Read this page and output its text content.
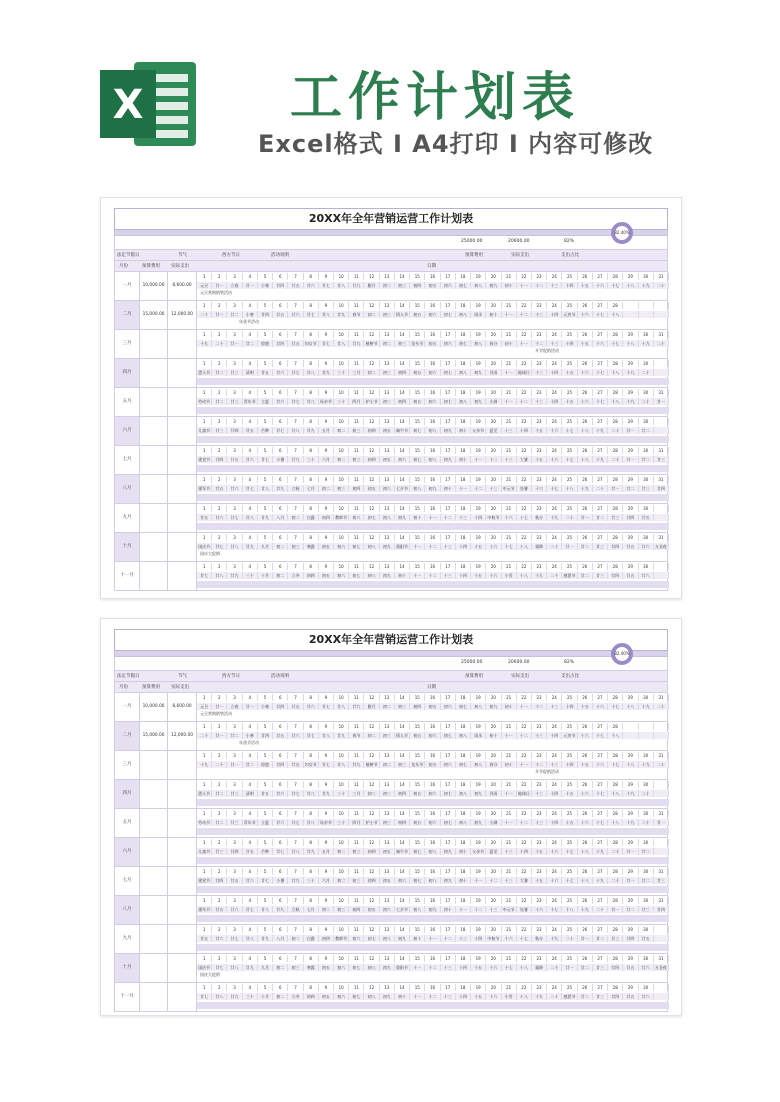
X	工作计划表
Excel格式 I A4打印 I 内容可修改
20XX年全年营销运营工作计划表
25000.00	20600.00	82%
法定节假日	节气	西方节日	活动说明	预算费用	实际支出	支出占比
82.40%
月份	预算费用 实际支出	日期
一月	10,000.00	8,600.00
1	2	3	4	5	6	7	8	9	10	11	12	13	14	15	16	17	18	19	20	21	22	23	24	25	26	27	28	29	30	31
元旦	廿一	立春	廿一	小寒	廿四	廿五	廿六	廿七	廿八	廿九	腊月	初二	初三	初四	初五	初六	初七	初八	初九	初十	十一	十二	十三	十四	十五	十六	十七	十八	十九	二十
元旦营购销售活动
二月	15,000.00	12,000.00
1	2	3	4	5	6	7	8	9	10	11	12	13	14	15	16	17	18	19	20	21	22	23	24	25	26	27	28
二十	廿一	廿二	小寒	廿四	廿五	廿六	廿七	廿八	廿九	春节	初二	初三	情人节	初五	初六	初七	初八	雨水	初十	十一	十二	十三	十四	元宵节	十六	十七	十八
年货节活动
三月
1	2	3	4	5	6	7	8	9	10	11	12	13	14	15	16	17	18	19	20	21	22	23	24	25	26	27	28	29	30	31
十九	二十	廿一	廿二	惊蛰	廿四	廿五	妇女节	廿七	廿八	廿九	植树节	初二	初三	龙头节	初五	初六	初七	初八	春分	初十	十一	十二	十三	十四	十五	十六	十七	十八	十九	二十
开学促销活动
四月
1	2	3	4	5	6	7	8	9	10	11	12	13	14	15	16	17	18	19	20	21	22	23	24	25	26	27	28	29	30
愚人节	廿二	廿三	清明	廿五	廿六	廿七	廿八	廿九	三十	三月	初二	初三	初四	初五	初六	初七	初八	初九	谷雨	十一	地球日	十三	十四	十五	十六	十七	十八	十九	二十
五月
1	2	3	4	5	6	7	8	9	10	11	12	13	14	15	16	17	18	19	20	21	22	23	24	25	26	27	28	29	30	31
劳动节	廿二	廿三	青年节	立夏	廿六	廿七	廿八	母亲节	三十	四月	护士节	初三	初四	初五	初六	初七	初八	初九	小满	十一	十二	十三	十四	十五	十六	十七	十八	十九	二十	廿一
六月
1	2	3	4	5	6	7	8	9	10	11	12	13	14	15	16	17	18	19	20	21	22	23	24	25	26	27	28	29	30
儿童节	廿三	廿四	廿五	芒种	廿七	廿八	廿九	五月	初二	初三	初四	初五	端午节	初七	初八	初九	初十	父亲节	夏至	十三	十四	十五	十六	十七	十八	十九	二十	廿一	廿二
七月
1	2	3	4	5	6	7	8	9	10	11	12	13	14	15	16	17	18	19	20	21	22	23	24	25	26	27	28	29	30	31
建党节	廿四	廿五	廿六	廿七	小暑	廿九	三十	六月	初二	初三	初四	初五	初六	初七	初八	初九	初十	十一	十二	十三	大暑	十五	十六	十七	十八	十九	二十	廿一	廿二	廿三
八月
1	2	3	4	5	6	7	8	9	10	11	12	13	14	15	16	17	18	19	20	21	22	23	24	25	26	27	28	29	30	31
建军节	廿五	廿六	廿七	廿八	廿九	立秋	七月	初二	初三	初四	初五	初六	七夕节	初八	初九	初十	十一	十二	十三	中元节	处暑	十六	十七	十八	十九	二十	廿一	廿二	廿三	廿四
九月
1	2	3	4	5	6	7	8	9	10	11	12	13	14	15	16	17	18	19	20	21	22	23	24	25	26	27	28	29	30
廿五	廿六	廿七	廿八	廿九	八月	初二	白露	初四	教师节	初六	初七	初八	初九	初十	十一	十二	十三	十四	中秋节	十六	十七	秋分	十九	二十	廿一	廿二	廿三	廿四	廿五
十月
1	2	3	4	5	6	7	8	9	10	11	12	13	14	15	16	17	18	19	20	21	22	23	24	25	26	27	28	29	30	31
国庆节	廿七	廿八	廿九	九月	初二	初三	寒露	初五	初六	初七	初八	初九	重阳节	十一	十二	十三	十四	十五	十六	十七	十八	霜降	二十	廿一	廿二	廿三	廿四	廿五	廿六	万圣夜
国庆大促销
十一月
1	2	3	4	5	6	7	8	9	10	11	12	13	14	15	16	17	18	19	20	21	22	23	24	25	26	27	28	29	30
廿七	廿八	廿九	三十	十月	初二	立冬	初四	初五	初六	初七	初八	初九	初十	十一	十二	十三	十四	十五	十六	小雪	十八	十九	二十	感恩节	廿二	廿三	廿四	廿五	廿六
20XX年全年营销运营工作计划表
25000.00	20600.00	82%
法定节假日	节气	西方节日	活动说明	预算费用	实际支出	支出占比
82.40%
月份	预算费用 实际支出	日期
一月	10,000.00	8,600.00
1	2	3	4	5	6	7	8	9	10	11	12	13	14	15	16	17	18	19	20	21	22	23	24	25	26	27	28	29	30	31
元旦	廿一	立春	廿一	小寒	廿四	廿五	廿六	廿七	廿八	廿九	腊月	初二	初三	初四	初五	初六	初七	初八	初九	初十	十一	十二	十三	十四	十五	十六	十七	十八	十九	二十
元旦营购销售活动
二月	15,000.00	12,000.00
1	2	3	4	5	6	7	8	9	10	11	12	13	14	15	16	17	18	19	20	21	22	23	24	25	26	27	28
二十	廿一	廿二	小寒	廿四	廿五	廿六	廿七	廿八	廿九	春节	初二	初三	情人节	初五	初六	初七	初八	雨水	初十	十一	十二	十三	十四	元宵节	十六	十七	十八
年货节活动
三月
1	2	3	4	5	6	7	8	9	10	11	12	13	14	15	16	17	18	19	20	21	22	23	24	25	26	27	28	29	30	31
十九	二十	廿一	廿二	惊蛰	廿四	廿五	妇女节	廿七	廿八	廿九	植树节	初二	初三	龙头节	初五	初六	初七	初八	春分	初十	十一	十二	十三	十四	十五	十六	十七	十八	十九	二十
开学促销活动
四月
1	2	3	4	5	6	7	8	9	10	11	12	13	14	15	16	17	18	19	20	21	22	23	24	25	26	27	28	29	30
愚人节	廿二	廿三	清明	廿五	廿六	廿七	廿八	廿九	三十	三月	初二	初三	初四	初五	初六	初七	初八	初九	谷雨	十一	地球日	十三	十四	十五	十六	十七	十八	十九	二十
五月
1	2	3	4	5	6	7	8	9	10	11	12	13	14	15	16	17	18	19	20	21	22	23	24	25	26	27	28	29	30	31
劳动节	廿二	廿三	青年节	立夏	廿六	廿七	廿八	母亲节	三十	四月	护士节	初三	初四	初五	初六	初七	初八	初九	小满	十一	十二	十三	十四	十五	十六	十七	十八	十九	二十	廿一
六月
1	2	3	4	5	6	7	8	9	10	11	12	13	14	15	16	17	18	19	20	21	22	23	24	25	26	27	28	29	30
儿童节	廿三	廿四	廿五	芒种	廿七	廿八	廿九	五月	初二	初三	初四	初五	端午节	初七	初八	初九	初十	父亲节	夏至	十三	十四	十五	十六	十七	十八	十九	二十	廿一	廿二
七月
1	2	3	4	5	6	7	8	9	10	11	12	13	14	15	16	17	18	19	20	21	22	23	24	25	26	27	28	29	30	31
建党节	廿四	廿五	廿六	廿七	小暑	廿九	三十	六月	初二	初三	初四	初五	初六	初七	初八	初九	初十	十一	十二	十三	大暑	十五	十六	十七	十八	十九	二十	廿一	廿二	廿三
八月
1	2	3	4	5	6	7	8	9	10	11	12	13	14	15	16	17	18	19	20	21	22	23	24	25	26	27	28	29	30	31
建军节	廿五	廿六	廿七	廿八	廿九	立秋	七月	初二	初三	初四	初五	初六	七夕节	初八	初九	初十	十一	十二	十三	中元节	处暑	十六	十七	十八	十九	二十	廿一	廿二	廿三	廿四
九月
1	2	3	4	5	6	7	8	9	10	11	12	13	14	15	16	17	18	19	20	21	22	23	24	25	26	27	28	29	30
廿五	廿六	廿七	廿八	廿九	八月	初二	白露	初四	教师节	初六	初七	初八	初九	初十	十一	十二	十三	十四	中秋节	十六	十七	秋分	十九	二十	廿一	廿二	廿三	廿四	廿五
十月
1	2	3	4	5	6	7	8	9	10	11	12	13	14	15	16	17	18	19	20	21	22	23	24	25	26	27	28	29	30	31
国庆节	廿七	廿八	廿九	九月	初二	初三	寒露	初五	初六	初七	初八	初九	重阳节	十一	十二	十三	十四	十五	十六	十七	十八	霜降	二十	廿一	廿二	廿三	廿四	廿五	廿六	万圣夜
国庆大促销
十一月
1	2	3	4	5	6	7	8	9	10	11	12	13	14	15	16	17	18	19	20	21	22	23	24	25	26	27	28	29	30
廿七	廿八	廿九	三十	十月	初二	立冬	初四	初五	初六	初七	初八	初九	初十	十一	十二	十三	十四	十五	十六	小雪	十八	十九	二十	感恩节	廿二	廿三	廿四	廿五	廿六
